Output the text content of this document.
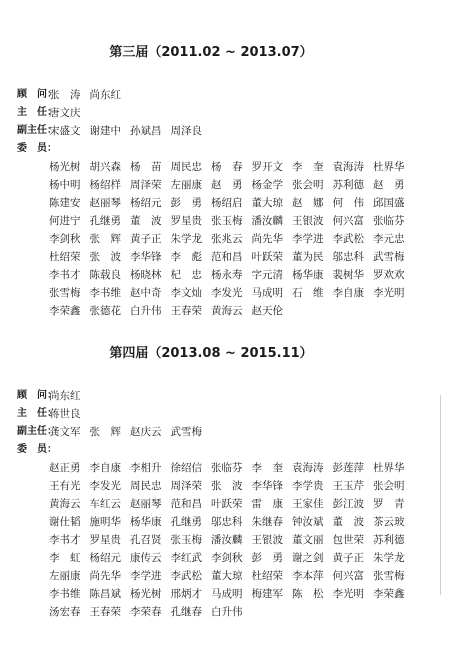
第三届（2011.02 ~ 2013.07）
顾　问：
张　涛 尚东红
主　任：
唐文庆
副主任：
宋盛文 谢建中 孙斌昌 周泽良
委　员：
杨光树 胡兴森 杨　苗 周民忠 杨　春 罗开文 李　奎 袁海涛 杜界华
杨中明 杨绍样 周泽荣 左丽康 赵　勇 杨金学 张会明 苏利德 赵　勇
陈建安 赵丽琴 杨绍元 彭　勇 杨绍启 董大琼 赵　娜 何　伟 邱国盛
何进宁 孔继勇 董　波 罗星贵 张玉梅 潘汝麟 王银波 何兴富 张临芬
李剑秋 张　辉 黄子正 朱学龙 张兆云 尚先华 李学进 李武松 李元忠
杜绍荣 张　波 李华锋 李　彪 范和昌 叶跃荣 董为民 邬忠科 武雪梅
李书才 陈载良 杨晓林 杞　忠 杨永寿 字元清 杨华康 裴树华 罗欢欢
张雪梅 李书维 赵中奇 李文灿 李发光 马成明 石　维 李自康 李光明
李荣鑫 张德花 白升伟 王春荣 黄海云 赵天伦
第四届（2013.08 ~ 2015.11）
顾　问：
尚东红
主　任：
蒋世良
副主任：
龚文军 张　辉 赵庆云 武雪梅
委　员：
赵正勇 李自康 李相升 徐绍信 张临芬 李　奎 袁海涛 彭莲萍 杜界华
王有光 李发光 周民忠 周泽荣 张　波 李华锋 李学贵 王玉芹 张会明
黄海云 车红云 赵丽琴 范和昌 叶跃荣 雷　康 王家佳 彭江波 罗　青
谢仕韬 施明华 杨华康 孔继勇 邬忠科 朱继春 钟汝斌 董　波 茶云玻
李书才 罗星贵 孔召贤 张玉梅 潘汝麟 王银波 董文丽 包世荣 苏利德
李　虹 杨绍元 康传云 李红武 李剑秋 彭　勇 谢之剑 黄子正 朱学龙
左丽康 尚先华 李学进 李武松 董大琼 杜绍荣 李本萍 何兴富 张雪梅
李书维 陈昌斌 杨光树 邢炳才 马成明 梅建军 陈　松 李光明 李荣鑫
汤宏春 王春荣 李荣春 孔继春 白升伟
